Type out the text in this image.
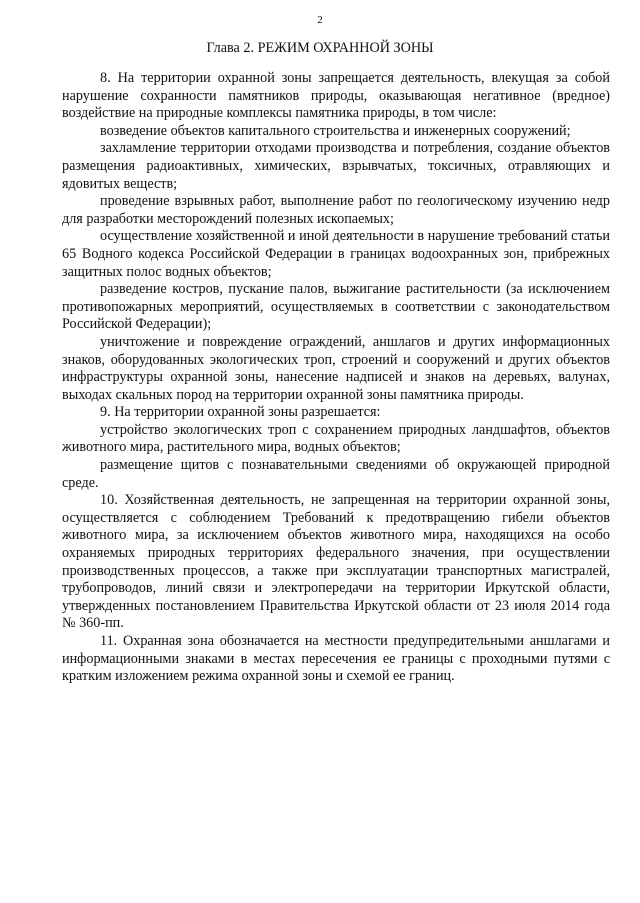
2
Глава 2. РЕЖИМ ОХРАННОЙ ЗОНЫ

8. На территории охранной зоны запрещается деятельность, влекущая за собой нарушение сохранности памятников природы, оказывающая негативное (вредное) воздействие на природные комплексы памятника природы, в том числе:

возведение объектов капитального строительства и инженерных сооружений;

захламление территории отходами производства и потребления, создание объектов размещения радиоактивных, химических, взрывчатых, токсичных, отравляющих и ядовитых веществ;

проведение взрывных работ, выполнение работ по геологическому изучению недр для разработки месторождений полезных ископаемых;

осуществление хозяйственной и иной деятельности в нарушение требований статьи 65 Водного кодекса Российской Федерации в границах водоохранных зон, прибрежных защитных полос водных объектов;

разведение костров, пускание палов, выжигание растительности (за исключением противопожарных мероприятий, осуществляемых в соответствии с законодательством Российской Федерации);

уничтожение и повреждение ограждений, аншлагов и других информационных знаков, оборудованных экологических троп, строений и сооружений и других объектов инфраструктуры охранной зоны, нанесение надписей и знаков на деревьях, валунах, выходах скальных пород на территории охранной зоны памятника природы.

9. На территории охранной зоны разрешается:

устройство экологических троп с сохранением природных ландшафтов, объектов животного мира, растительного мира, водных объектов;

размещение щитов с познавательными сведениями об окружающей природной среде.

10. Хозяйственная деятельность, не запрещенная на территории охранной зоны, осуществляется с соблюдением Требований к предотвращению гибели объектов животного мира, за исключением объектов животного мира, находящихся на особо охраняемых природных территориях федерального значения, при осуществлении производственных процессов, а также при эксплуатации транспортных магистралей, трубопроводов, линий связи и электропередачи на территории Иркутской области, утвержденных постановлением Правительства Иркутской области от 23 июля 2014 года № 360-пп.

11. Охранная зона обозначается на местности предупредительными аншлагами и информационными знаками в местах пересечения ее границы с проходными путями с кратким изложением режима охранной зоны и схемой ее границ.
